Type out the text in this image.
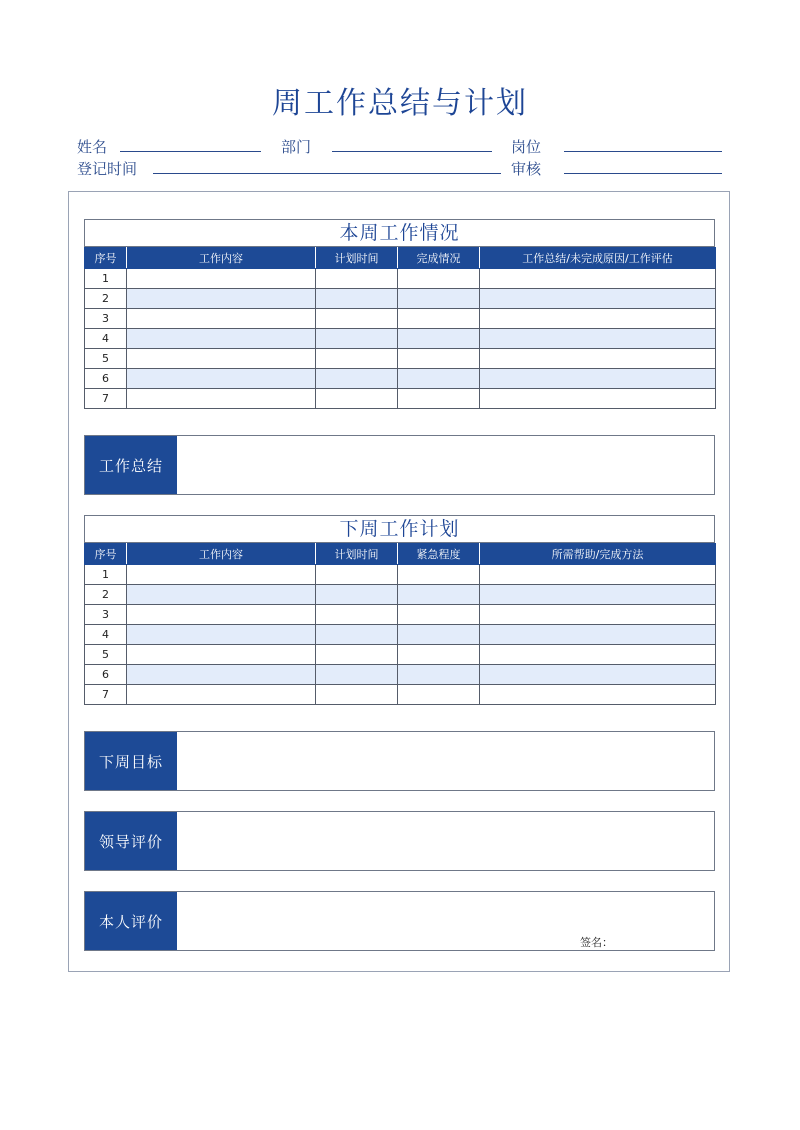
周工作总结与计划
姓名	部门	岗位
登记时间	审核
本周工作情况
序号	工作内容	计划时间	完成情况	工作总结/未完成原因/工作评估
1				
2				
3				
4				
5				
6				
7				
工作总结
下周工作计划
序号	工作内容	计划时间	紧急程度	所需帮助/完成方法
1				
2				
3				
4				
5				
6				
7				
下周目标
领导评价
本人评价
签名：
